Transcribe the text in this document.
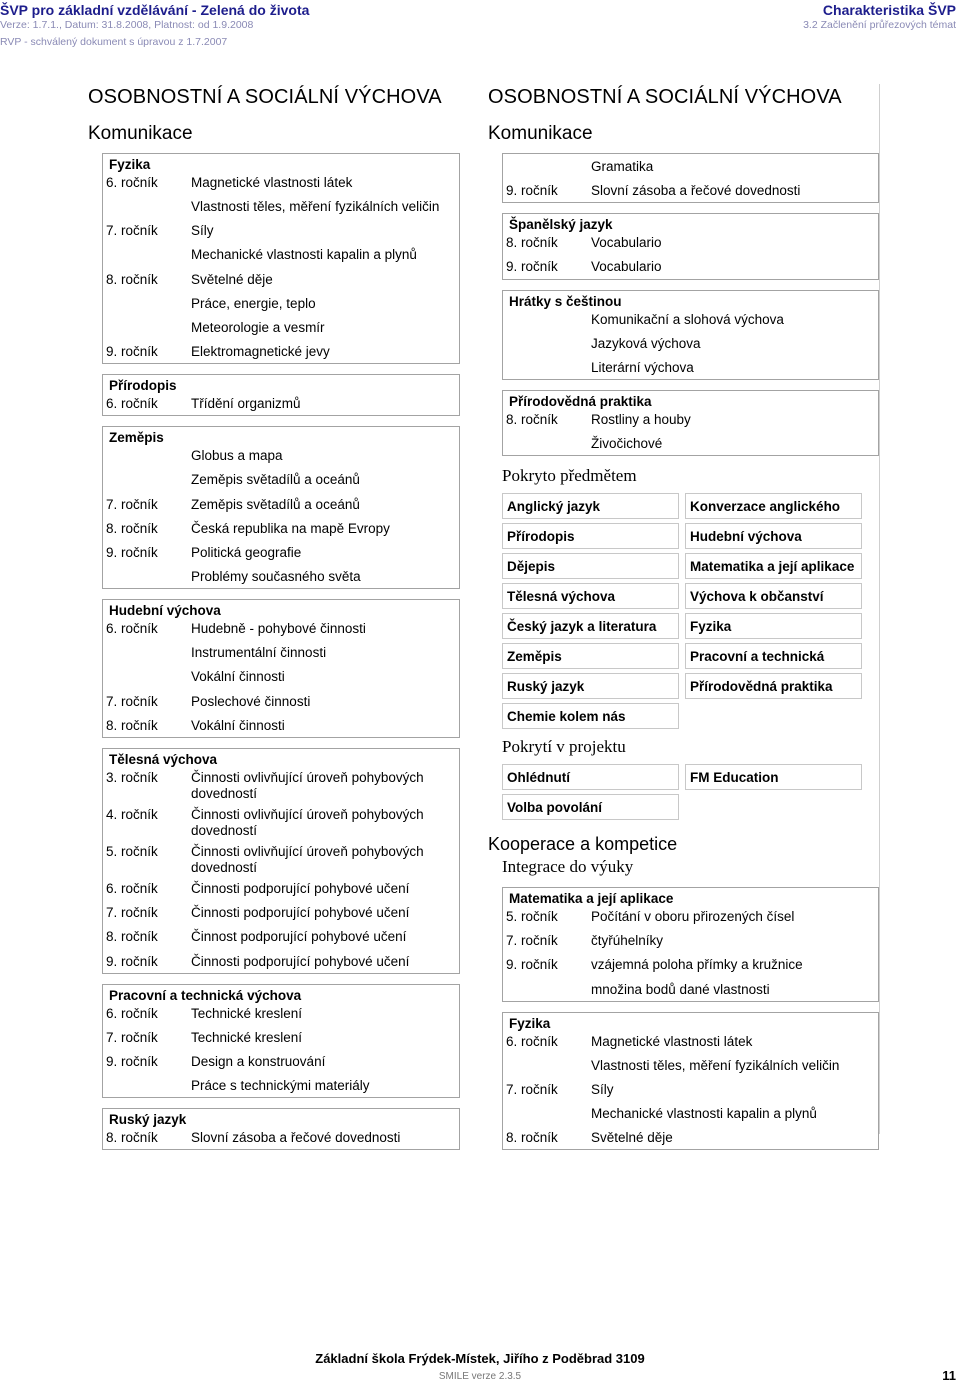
ŠVP pro základní vzdělávání - Zelená do života
Verze: 1.7.1., Datum: 31.8.2008, Platnost: od 1.9.2008
RVP - schválený dokument s úpravou z 1.7.2007
Charakteristika ŠVP
3.2 Začlenění průřezových témat
OSOBNOSTNÍ A SOCIÁLNÍ VÝCHOVA
Komunikace
Fyzika
6. ročník	Magnetické vlastnosti látek
Vlastnosti těles, měření fyzikálních veličin
7. ročník	Síly
Mechanické vlastnosti kapalin a plynů
8. ročník	Světelné děje
Práce, energie, teplo
Meteorologie a vesmír
9. ročník	Elektromagnetické jevy
Přírodopis
6. ročník	Třídění organizmů
Zeměpis
Globus a mapa
Zeměpis světadílů a oceánů
7. ročník	Zeměpis světadílů a oceánů
8. ročník	Česká republika na mapě Evropy
9. ročník	Politická geografie
Problémy současného světa
Hudební výchova
6. ročník	Hudebně - pohybové činnosti
Instrumentální činnosti
Vokální činnosti
7. ročník	Poslechové činnosti
8. ročník	Vokální činnosti
Tělesná výchova
3. ročník	Činnosti ovlivňující úroveň pohybových dovedností
4. ročník	Činnosti ovlivňující úroveň pohybových dovedností
5. ročník	Činnosti ovlivňující úroveň pohybových dovedností
6. ročník	Činnosti podporující pohybové učení
7. ročník	Činnosti podporující pohybové učení
8. ročník	Činnost podporující pohybové učení
9. ročník	Činnosti podporující pohybové učení
Pracovní a technická výchova
6. ročník	Technické kreslení
7. ročník	Technické kreslení
9. ročník	Design a konstruování
Práce s technickými materiály
Ruský jazyk
8. ročník	Slovní zásoba a řečové dovednosti
OSOBNOSTNÍ A SOCIÁLNÍ VÝCHOVA
Komunikace
Gramatika
9. ročník	Slovní zásoba a řečové dovednosti
Španělský jazyk
8. ročník	Vocabulario
9. ročník	Vocabulario
Hrátky s češtinou
Komunikační a slohová výchova
Jazyková výchova
Literární výchova
Přírodovědná praktika
8. ročník	Rostliny a houby
Živočichové
Pokryto předmětem
Anglický jazyk	Konverzace anglického
Přírodopis	Hudební výchova
Dějepis	Matematika a její aplikace
Tělesná výchova	Výchova k občanství
Český jazyk a literatura	Fyzika
Zeměpis	Pracovní a technická
Ruský jazyk	Přírodovědná praktika
Chemie kolem nás
Pokrytí v projektu
Ohlédnutí	FM Education
Volba povolání
Kooperace a kompetice
Integrace do výuky
Matematika a její aplikace
5. ročník	Počítání v oboru přirozených čísel
7. ročník	čtyřúhelníky
9. ročník	vzájemná poloha přímky a kružnice
množina bodů dané vlastnosti
Fyzika
6. ročník	Magnetické vlastnosti látek
Vlastnosti těles, měření fyzikálních veličin
7. ročník	Síly
Mechanické vlastnosti kapalin a plynů
8. ročník	Světelné děje
Základní škola Frýdek-Místek, Jiřího z Poděbrad 3109
SMILE verze 2.3.5	11
